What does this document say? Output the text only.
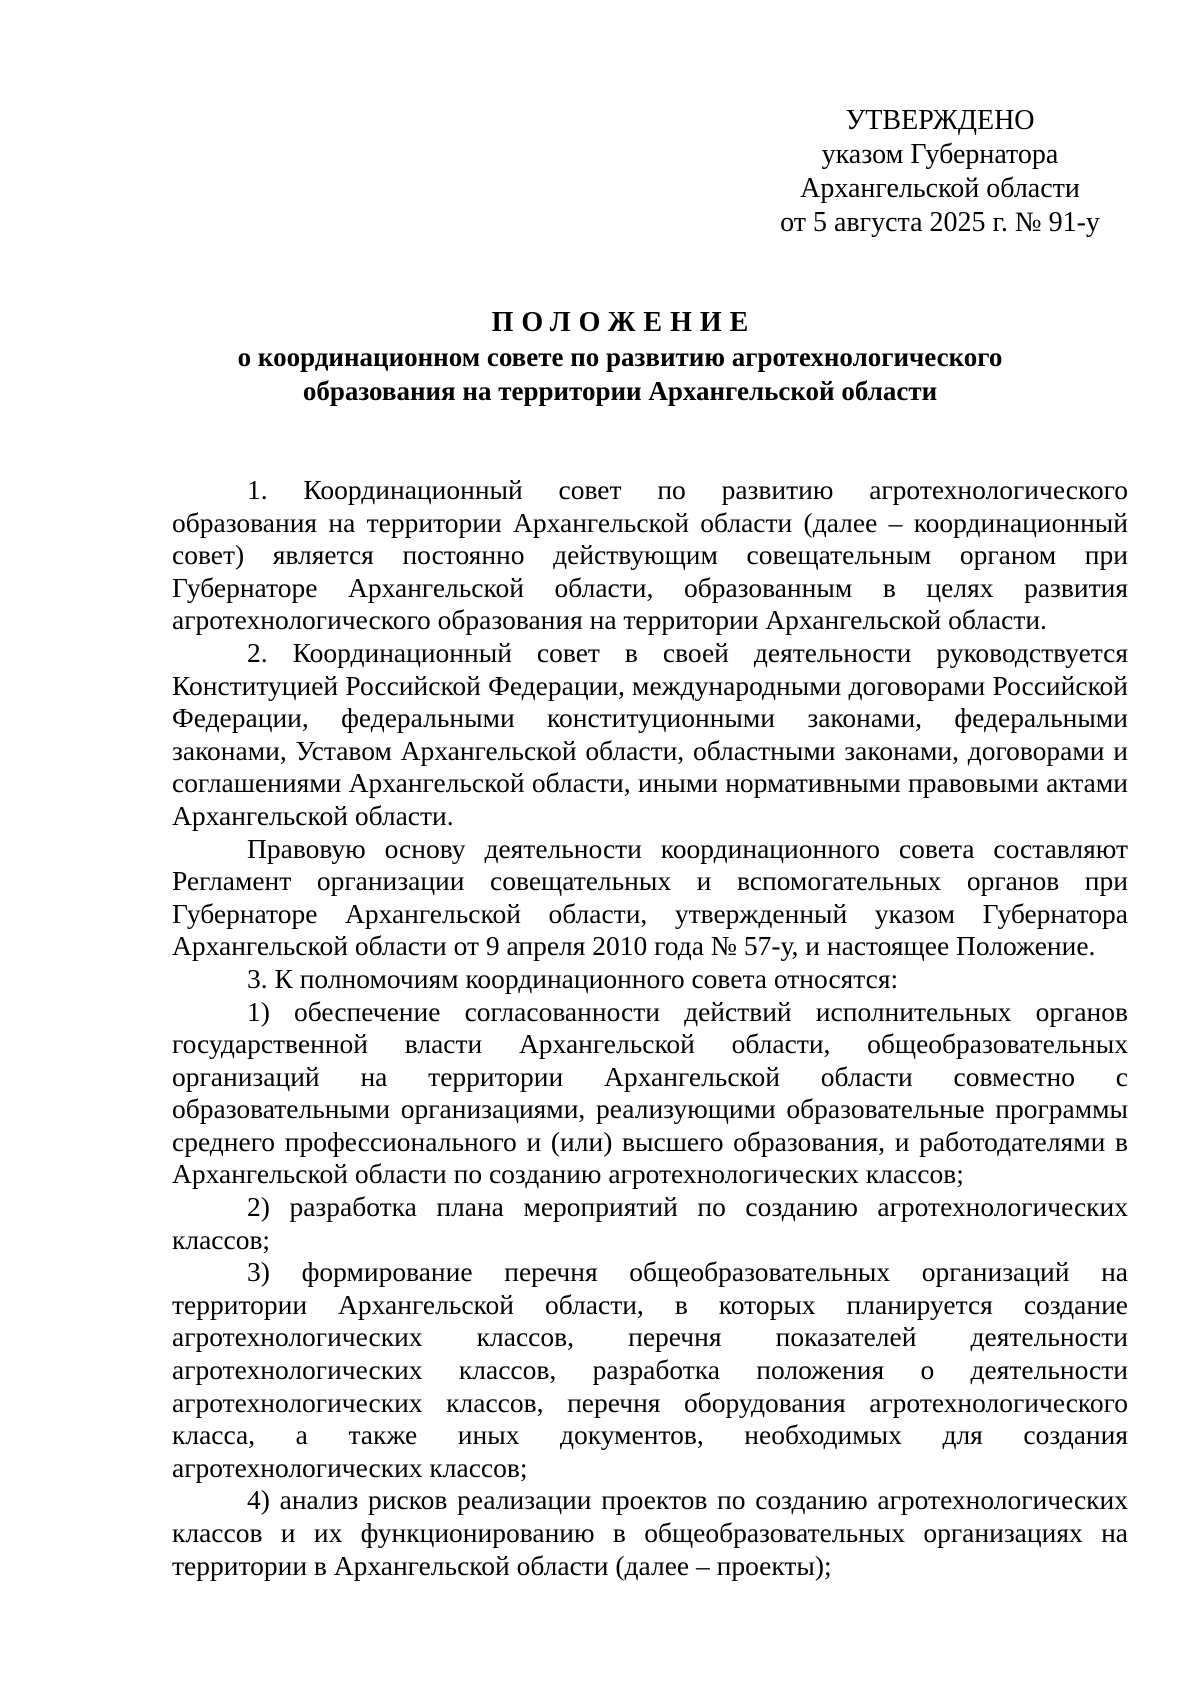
УТВЕРЖДЕНО
указом Губернатора
Архангельской области
от 5 августа 2025 г. № 91-у
ПОЛОЖЕНИЕ
о координационном совете по развитию агротехнологического
образования на территории Архангельской области

1. Координационный совет по развитию агротехнологического образования на территории Архангельской области (далее – координационный совет) является постоянно действующим совещательным органом при Губернаторе Архангельской области, образованным в целях развития агротехнологического образования на территории Архангельской области.

2. Координационный совет в своей деятельности руководствуется Конституцией Российской Федерации, международными договорами Российской Федерации, федеральными конституционными законами, федеральными законами, Уставом Архангельской области, областными законами, договорами и соглашениями Архангельской области, иными нормативными правовыми актами Архангельской области.

Правовую основу деятельности координационного совета составляют Регламент организации совещательных и вспомогательных органов при Губернаторе Архангельской области, утвержденный указом Губернатора Архангельской области от 9 апреля 2010 года № 57-у, и настоящее Положение.

3. К полномочиям координационного совета относятся:

1) обеспечение согласованности действий исполнительных органов государственной власти Архангельской области, общеобразовательных организаций на территории Архангельской области совместно с образовательными организациями, реализующими образовательные программы среднего профессионального и (или) высшего образования, и работодателями в Архангельской области по созданию агротехнологических классов;

2) разработка плана мероприятий по созданию агротехнологических классов;

3) формирование перечня общеобразовательных организаций на территории Архангельской области, в которых планируется создание агротехнологических классов, перечня показателей деятельности агротехнологических классов, разработка положения о деятельности агротехнологических классов, перечня оборудования агротехнологического класса, а также иных документов, необходимых для создания агротехнологических классов;

4) анализ рисков реализации проектов по созданию агротехнологических классов и их функционированию в общеобразовательных организациях на территории в Архангельской области (далее – проекты);
